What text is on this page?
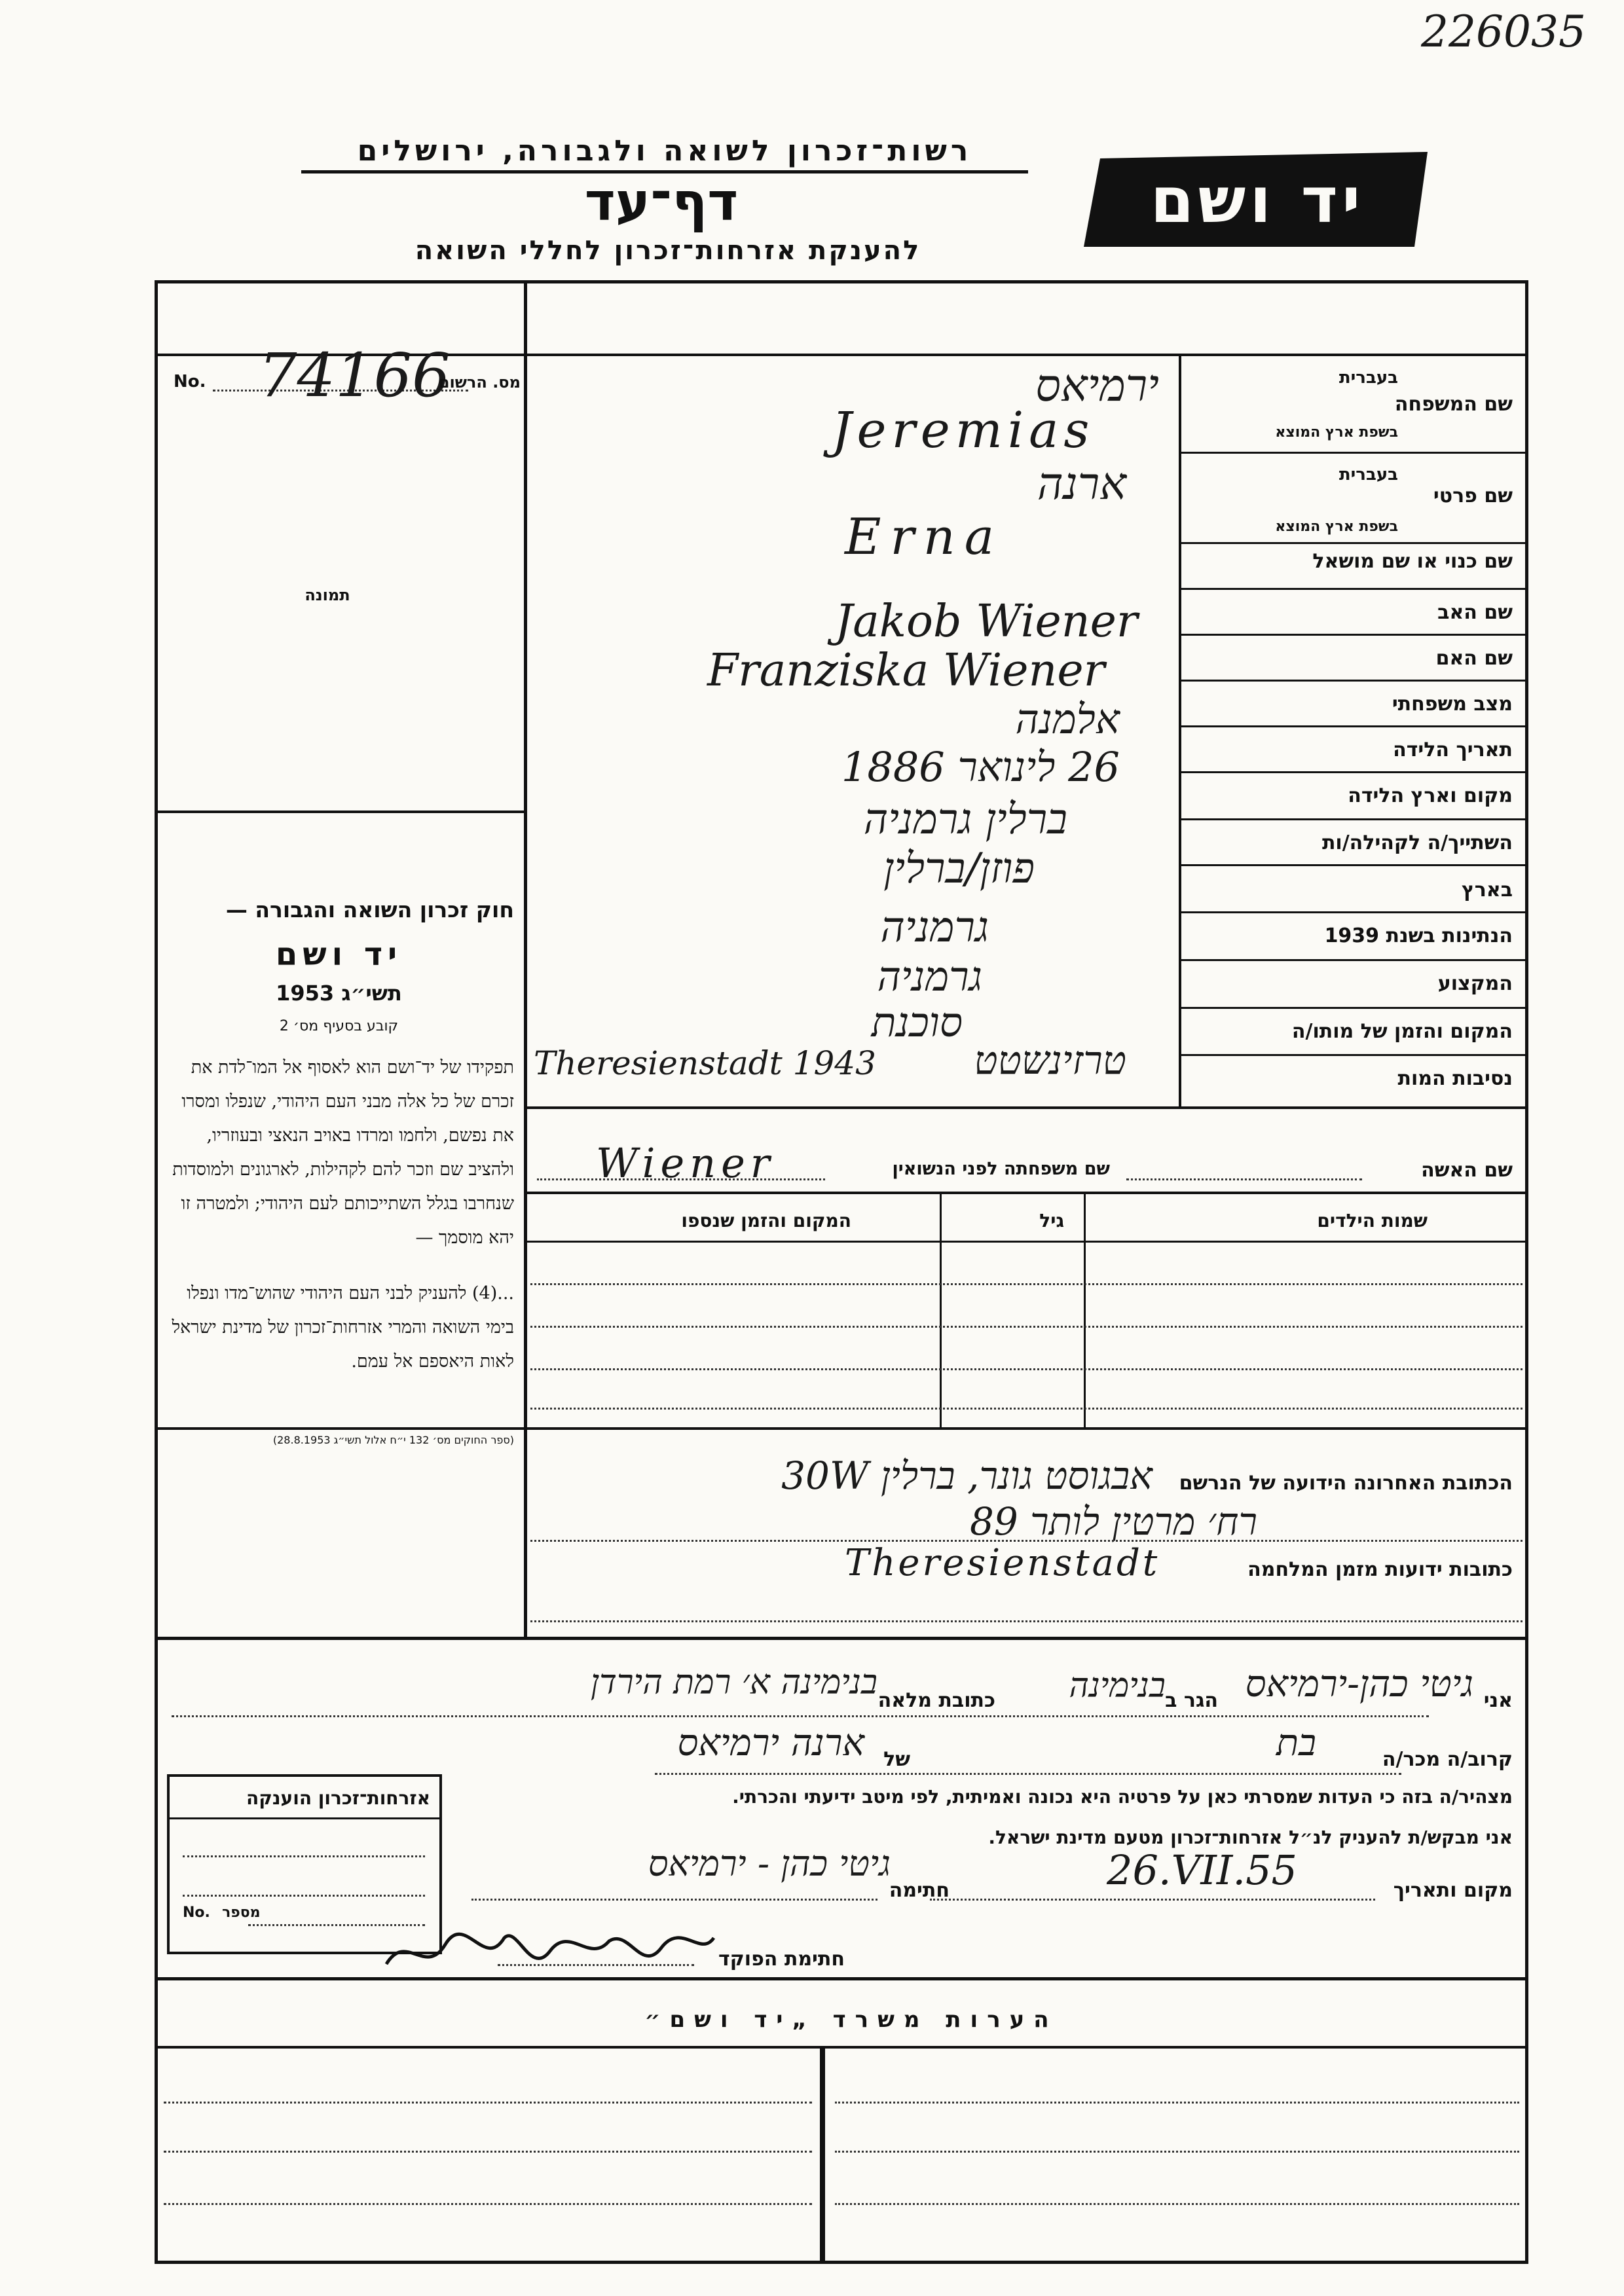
226035
רשות־זכרון לשואה ולגבורה, ירושלים
דף־עד
להענקת אזרחות־זכרון לחללי השואה
יד ושם
No. 74166
מס. הרשום
תמונה
חוק זכרון השואה והגבורה —
יד ושם
תשי״ג 1953
קובע בסעיף מס׳ 2
תפקידו של יד־ושם הוא לאסוף אל המו־לדת את זכרם של כל אלה מבני העם היהודי, שנפלו ומסרו את נפשם, ולחמו ומרדו באויב הנאצי ובעוזריו, ולהציב שם וזכר להם לקהילות, לארגונים ולמוסדות שנחרבו בגלל השתייכותם לעם היהודי; ולמטרה זו יהא מוסמך —
...(4) להעניק לבני העם היהודי שהוש־מדו ונפלו בימי השואה והמרי אזרחות־זכרון של מדינת ישראל לאות היאספם אל עמם.
(ספר החוקים מס׳ 132 י״ח אלול תשי״ג 28.8.1953)
שם המשפחה
בעברית
בשפת ארץ המוצא
שם פרטי
בעברית
בשפת ארץ המוצא
שם כנוי או שם מושאל
שם האב
שם האם
מצב משפחתי
תאריך הלידה
מקום וארץ הלידה
השתייך/ה לקהילה/ות
בארץ
הנתינות בשנת 1939
המקצוע
המקום והזמן של מותו/ה
נסיבות המות
ירמיאס
Jeremias
ארנה
Erna
Jakob Wiener
Franziska Wiener
אלמנה
26 לינואר 1886
ברלין גרמניה
פוזן/ברלין
גרמניה
גרמניה
סוכנת
Theresienstadt 1943 טרזינשטט
שם האשה
שם משפחתה לפני הנשואין
Wiener
שמות הילדים
גיל
המקום והזמן שנספו
הכתובת האחרונה הידועה של הנרשם
אבגוסט גונר, ברלין 30W
רח׳ מרטין לותר 89
כתובות ידועות מזמן המלחמה
Theresienstadt
אני
גיטי כהן-ירמיאס
הגר ב
בנימינה
כתובת מלאה
בנימינה א׳ רמת הירדן
קרוב/ה מכר/ה
בת
של
ארנה ירמיאס
מצהיר/ה בזה כי העדות שמסרתי כאן על פרטיה היא נכונה ואמיתית, לפי מיטב ידיעתי והכרתי.
אני מבקש/ת להעניק לנ״ל אזרחות־זכרון מטעם מדינת ישראל.
מקום ותאריך
26.VII.55
חתימה
גיטי כהן - ירמיאס
חתימת הפוקד
אזרחות־זכרון הוענקה
No. מספר
הערות משרד „יד ושם״
